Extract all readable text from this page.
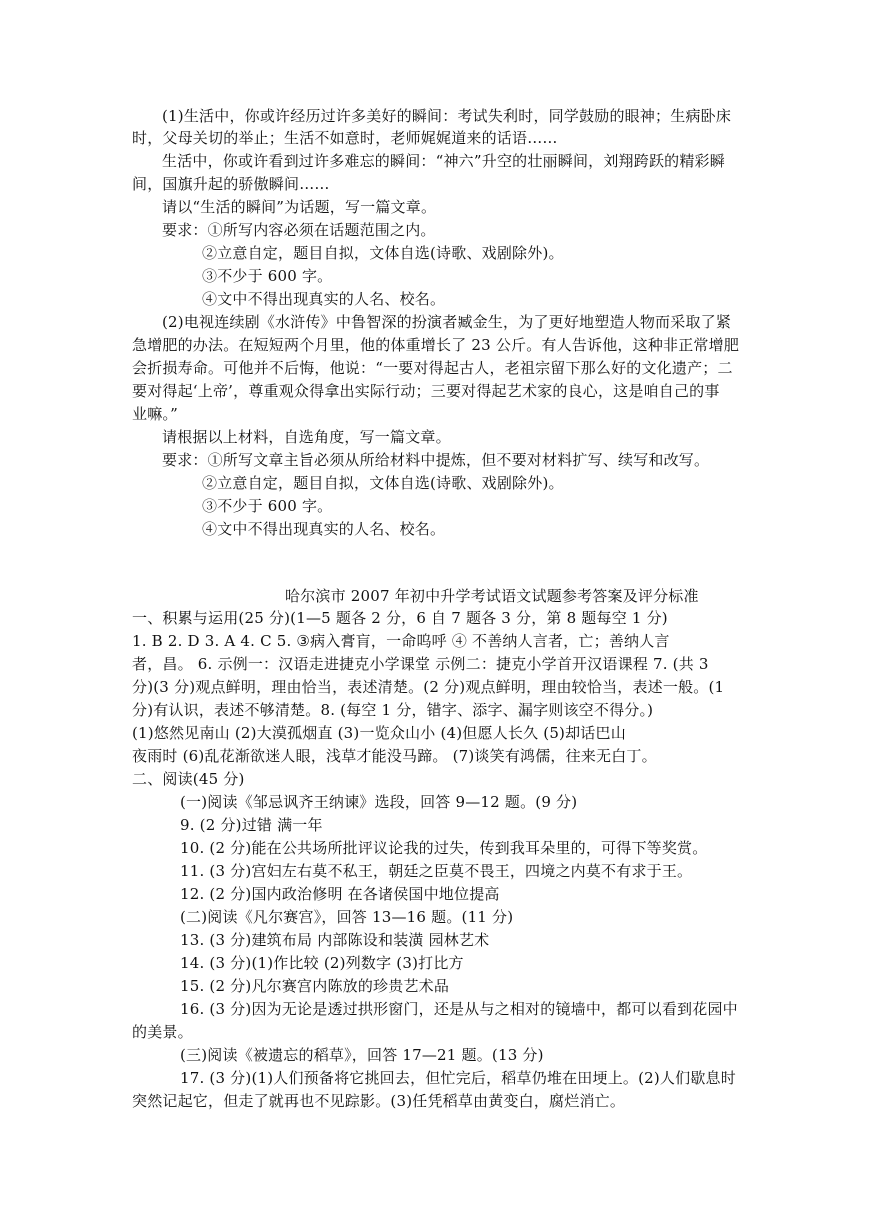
(1)生活中，你或许经历过许多美好的瞬间：考试失利时，同学鼓励的眼神；生病卧床
时，父母关切的举止；生活不如意时，老师娓娓道来的话语……
生活中，你或许看到过许多难忘的瞬间：“神六”升空的壮丽瞬间，刘翔跨跃的精彩瞬
间，国旗升起的骄傲瞬间……
请以“生活的瞬间”为话题，写一篇文章。
要求：①所写内容必须在话题范围之内。
②立意自定，题目自拟，文体自选(诗歌、戏剧除外)。
③不少于 600 字。
④文中不得出现真实的人名、校名。
(2)电视连续剧《水浒传》中鲁智深的扮演者臧金生，为了更好地塑造人物而采取了紧
急增肥的办法。在短短两个月里，他的体重增长了 23 公斤。有人告诉他，这种非正常增肥
会折损寿命。可他并不后悔，他说：“一要对得起古人，老祖宗留下那么好的文化遗产；二
要对得起‘上帝’，尊重观众得拿出实际行动；三要对得起艺术家的良心，这是咱自己的事
业嘛。”
请根据以上材料，自选角度，写一篇文章。
要求：①所写文章主旨必须从所给材料中提炼，但不要对材料扩写、续写和改写。
②立意自定，题目自拟，文体自选(诗歌、戏剧除外)。
③不少于 600 字。
④文中不得出现真实的人名、校名。
哈尔滨市 2007 年初中升学考试语文试题参考答案及评分标准
一、积累与运用(25 分)(1—5 题各 2 分，6 自 7 题各 3 分，第 8 题每空 1 分)
1. B 2. D 3. A 4. C 5. ③病入膏肓，一命呜呼 ④ 不善纳人言者，亡；善纳人言
者，昌。 6. 示例一：汉语走进捷克小学课堂 示例二：捷克小学首开汉语课程 7. (共 3
分)(3 分)观点鲜明，理由恰当，表述清楚。(2 分)观点鲜明，理由较恰当，表述一般。(1
分)有认识，表述不够清楚。8. (每空 1 分，错字、添字、漏字则该空不得分。)
(1)悠然见南山 (2)大漠孤烟直 (3)一览众山小 (4)但愿人长久 (5)却话巴山
夜雨时 (6)乱花渐欲迷人眼，浅草才能没马蹄。 (7)谈笑有鸿儒，往来无白丁。
二、阅读(45 分)
(一)阅读《邹忌讽齐王纳谏》选段，回答 9—12 题。(9 分)
9. (2 分)过错 满一年
10. (2 分)能在公共场所批评议论我的过失，传到我耳朵里的，可得下等奖赏。
11. (3 分)宫妇左右莫不私王，朝廷之臣莫不畏王，四境之内莫不有求于王。
12. (2 分)国内政治修明 在各诸侯国中地位提高
(二)阅读《凡尔赛宫》，回答 13—16 题。(11 分)
13. (3 分)建筑布局 内部陈设和装潢 园林艺术
14. (3 分)(1)作比较 (2)列数字 (3)打比方
15. (2 分)凡尔赛宫内陈放的珍贵艺术品
16. (3 分)因为无论是透过拱形窗门，还是从与之相对的镜墙中，都可以看到花园中
的美景。
(三)阅读《被遗忘的稻草》，回答 17—21 题。(13 分)
17. (3 分)(1)人们预备将它挑回去，但忙完后，稻草仍堆在田埂上。(2)人们歇息时
突然记起它，但走了就再也不见踪影。(3)任凭稻草由黄变白，腐烂消亡。
